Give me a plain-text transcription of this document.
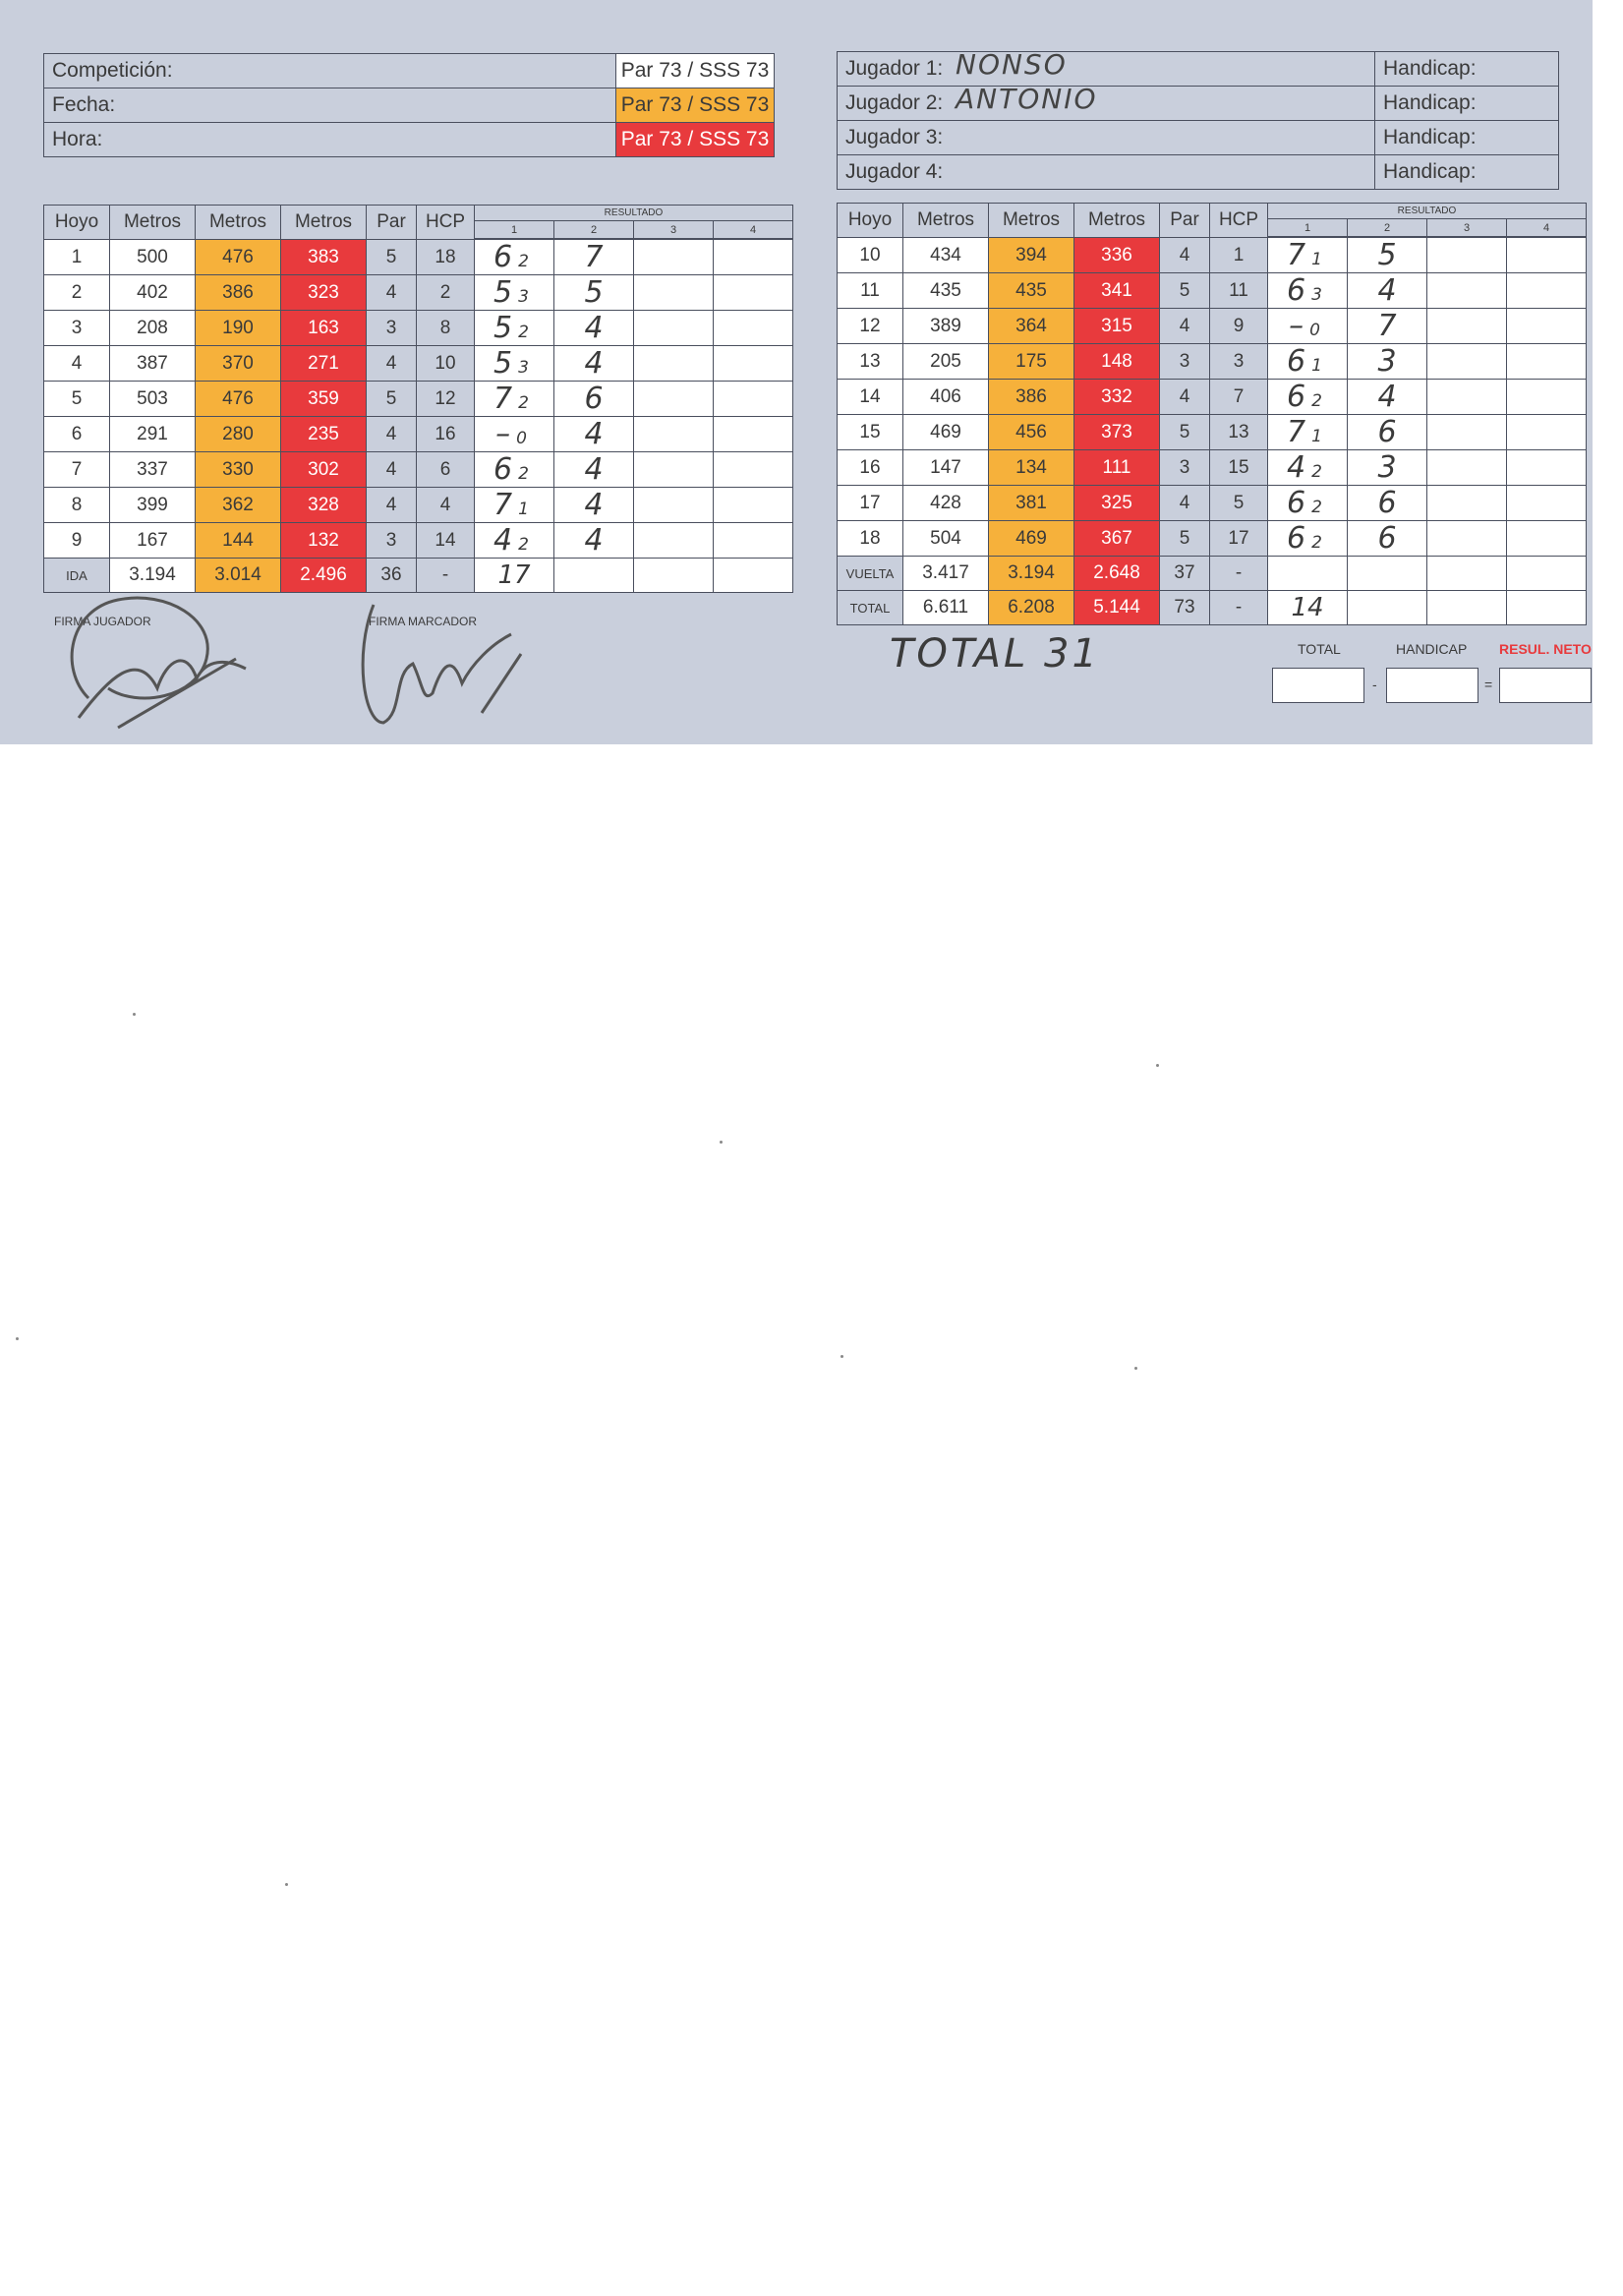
Competición:	Par 73 / SSS 73
Fecha:	Par 73 / SSS 73
Hora:	Par 73 / SSS 73
Jugador 1: NONSO	Handicap:
Jugador 2: ANTONIO	Handicap:
Jugador 3:	Handicap:
Jugador 4:	Handicap:
Hoyo	Metros	Metros	Metros	Par	HCP	RESULTADO			
						1	2	3	4

1	500	476	383	5	18	6 2	7		
2	402	386	323	4	2	5 3	5		
3	208	190	163	3	8	5 2	4		
4	387	370	271	4	10	5 3	4		
5	503	476	359	5	12	7 2	6		
6	291	280	235	4	16	– 0	4		
7	337	330	302	4	6	6 2	4		
8	399	362	328	4	4	7 1	4		
9	167	144	132	3	14	4 2	4		
IDA	3.194	3.014	2.496	36	-	17			
Hoyo	Metros	Metros	Metros	Par	HCP	RESULTADO			
						1	2	3	4

10	434	394	336	4	1	7 1	5		
11	435	435	341	5	11	6 3	4		
12	389	364	315	4	9	– 0	7		
13	205	175	148	3	3	6 1	3		
14	406	386	332	4	7	6 2	4		
15	469	456	373	5	13	7 1	6		
16	147	134	111	3	15	4 2	3		
17	428	381	325	4	5	6 2	6		
18	504	469	367	5	17	6 2	6		
VUELTA	3.417	3.194	2.648	37	-				
TOTAL	6.611	6.208	5.144	73	-	14			
FIRMA JUGADOR	FIRMA MARCADOR
TOTAL 31	TOTAL	HANDICAP RESUL. NETO
-	=
